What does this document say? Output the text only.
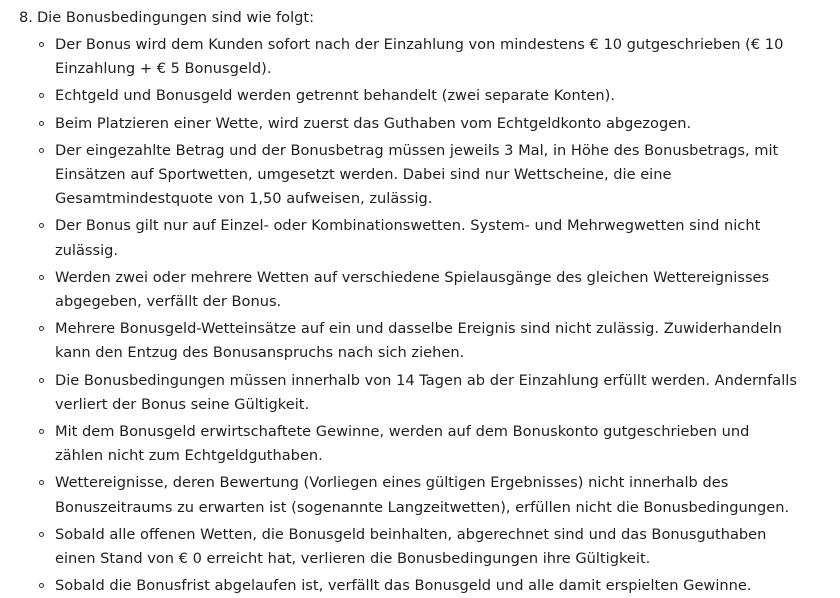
8. Die Bonusbedingungen sind wie folgt:
Der Bonus wird dem Kunden sofort nach der Einzahlung von mindestens € 10 gutgeschrieben (€ 10
Einzahlung + € 5 Bonusgeld).
Echtgeld und Bonusgeld werden getrennt behandelt (zwei separate Konten).
Beim Platzieren einer Wette, wird zuerst das Guthaben vom Echtgeldkonto abgezogen.
Der eingezahlte Betrag und der Bonusbetrag müssen jeweils 3 Mal, in Höhe des Bonusbetrags, mit
Einsätzen auf Sportwetten, umgesetzt werden. Dabei sind nur Wettscheine, die eine
Gesamtmindestquote von 1,50 aufweisen, zulässig.
Der Bonus gilt nur auf Einzel- oder Kombinationswetten. System- und Mehrwegwetten sind nicht
zulässig.
Werden zwei oder mehrere Wetten auf verschiedene Spielausgänge des gleichen Wettereignisses
abgegeben, verfällt der Bonus.
Mehrere Bonusgeld-Wetteinsätze auf ein und dasselbe Ereignis sind nicht zulässig. Zuwiderhandeln
kann den Entzug des Bonusanspruchs nach sich ziehen.
Die Bonusbedingungen müssen innerhalb von 14 Tagen ab der Einzahlung erfüllt werden. Andernfalls
verliert der Bonus seine Gültigkeit.
Mit dem Bonusgeld erwirtschaftete Gewinne, werden auf dem Bonuskonto gutgeschrieben und
zählen nicht zum Echtgeldguthaben.
Wettereignisse, deren Bewertung (Vorliegen eines gültigen Ergebnisses) nicht innerhalb des
Bonuszeitraums zu erwarten ist (sogenannte Langzeitwetten), erfüllen nicht die Bonusbedingungen.
Sobald alle offenen Wetten, die Bonusgeld beinhalten, abgerechnet sind und das Bonusguthaben
einen Stand von € 0 erreicht hat, verlieren die Bonusbedingungen ihre Gültigkeit.
Sobald die Bonusfrist abgelaufen ist, verfällt das Bonusgeld und alle damit erspielten Gewinne.
